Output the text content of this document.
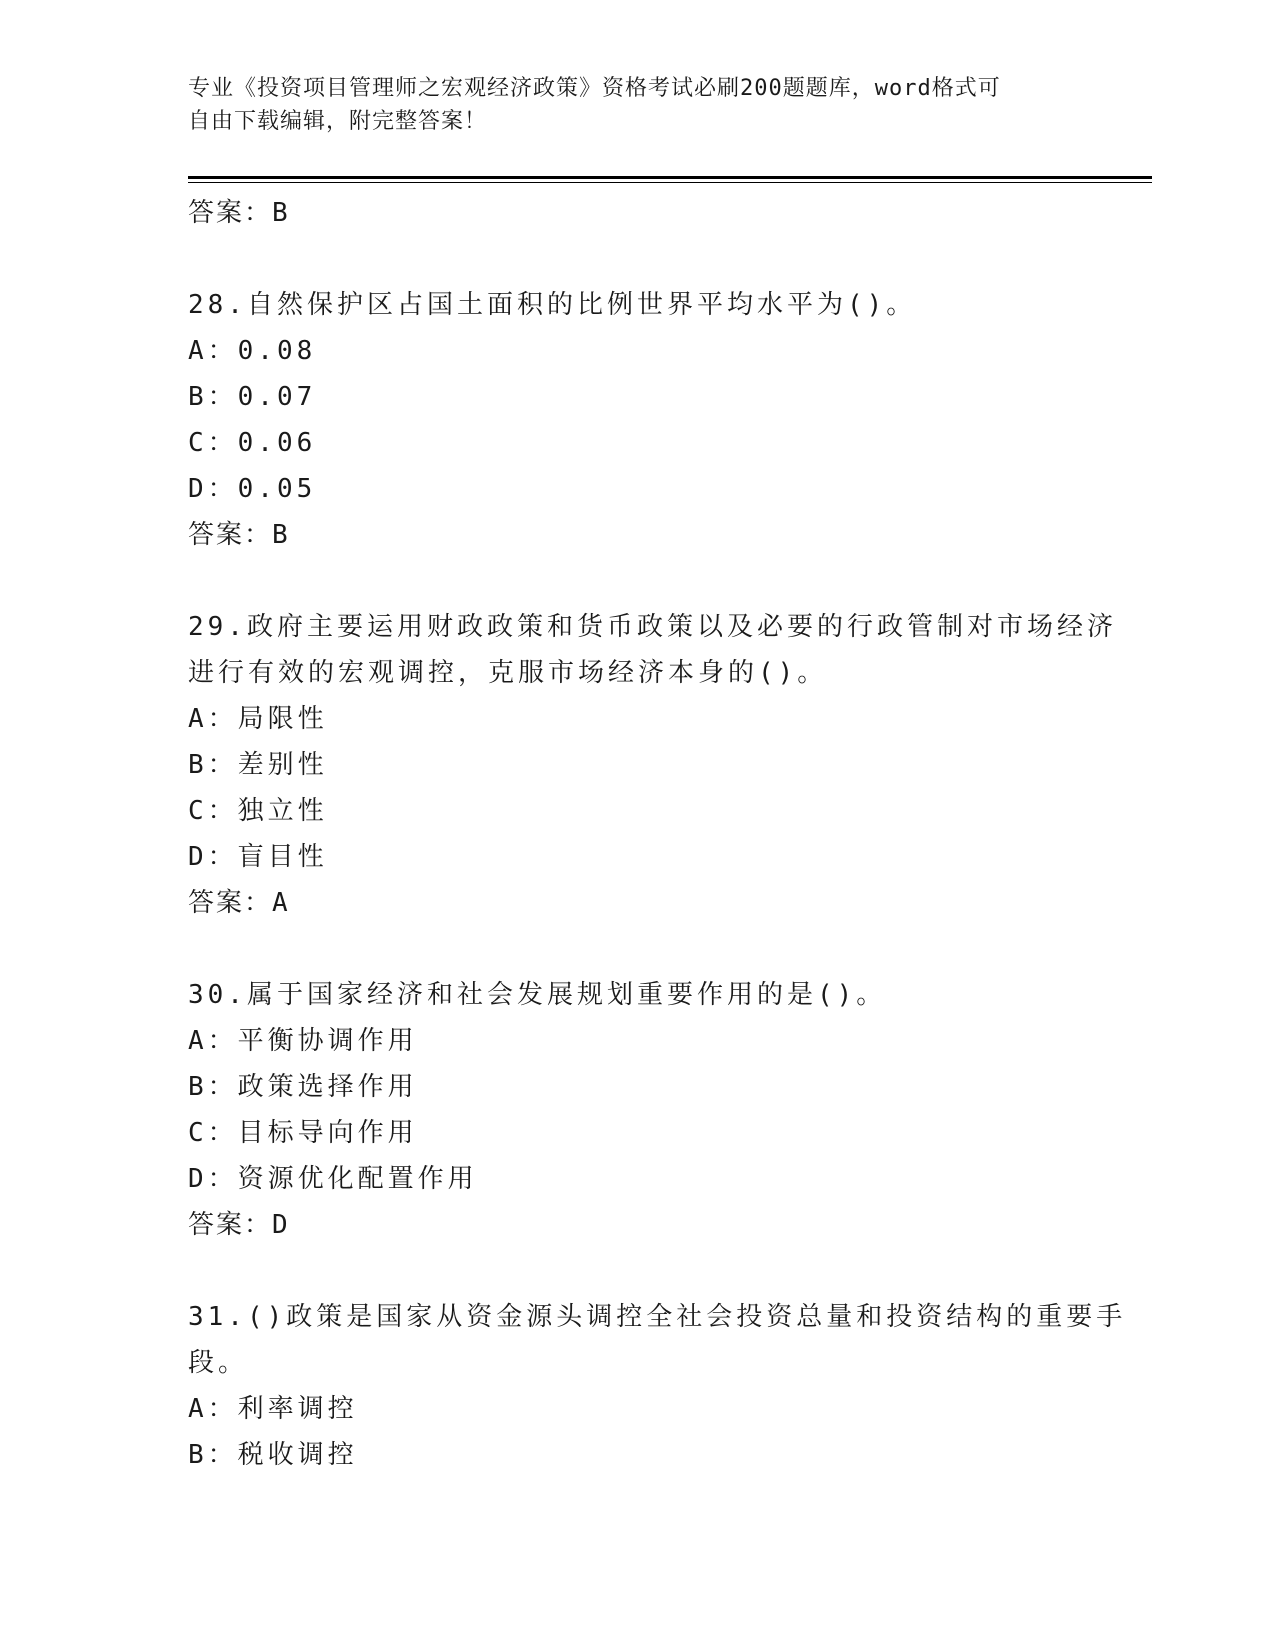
专业《投资项目管理师之宏观经济政策》资格考试必刷200题题库，word格式可
自由下载编辑，附完整答案！
答案：B
28.自然保护区占国土面积的比例世界平均水平为()。
A：0.08
B：0.07
C：0.06
D：0.05
答案：B
29.政府主要运用财政政策和货币政策以及必要的行政管制对市场经济
进行有效的宏观调控，克服市场经济本身的()。
A：局限性
B：差别性
C：独立性
D：盲目性
答案：A
30.属于国家经济和社会发展规划重要作用的是()。
A：平衡协调作用
B：政策选择作用
C：目标导向作用
D：资源优化配置作用
答案：D
31.()政策是国家从资金源头调控全社会投资总量和投资结构的重要手
段。
A：利率调控
B：税收调控
